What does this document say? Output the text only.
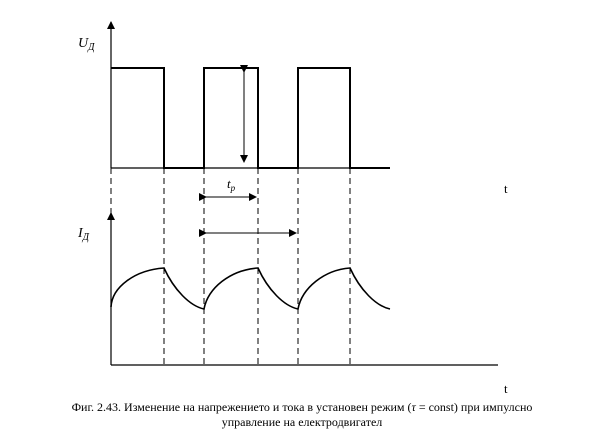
$U_Д$
t
$I_Д$
t
$t_p$
Фиг. 2.43. Изменение на напрежението и тока в установен режим (τ = const) при импулсно
управление на електродвигател
